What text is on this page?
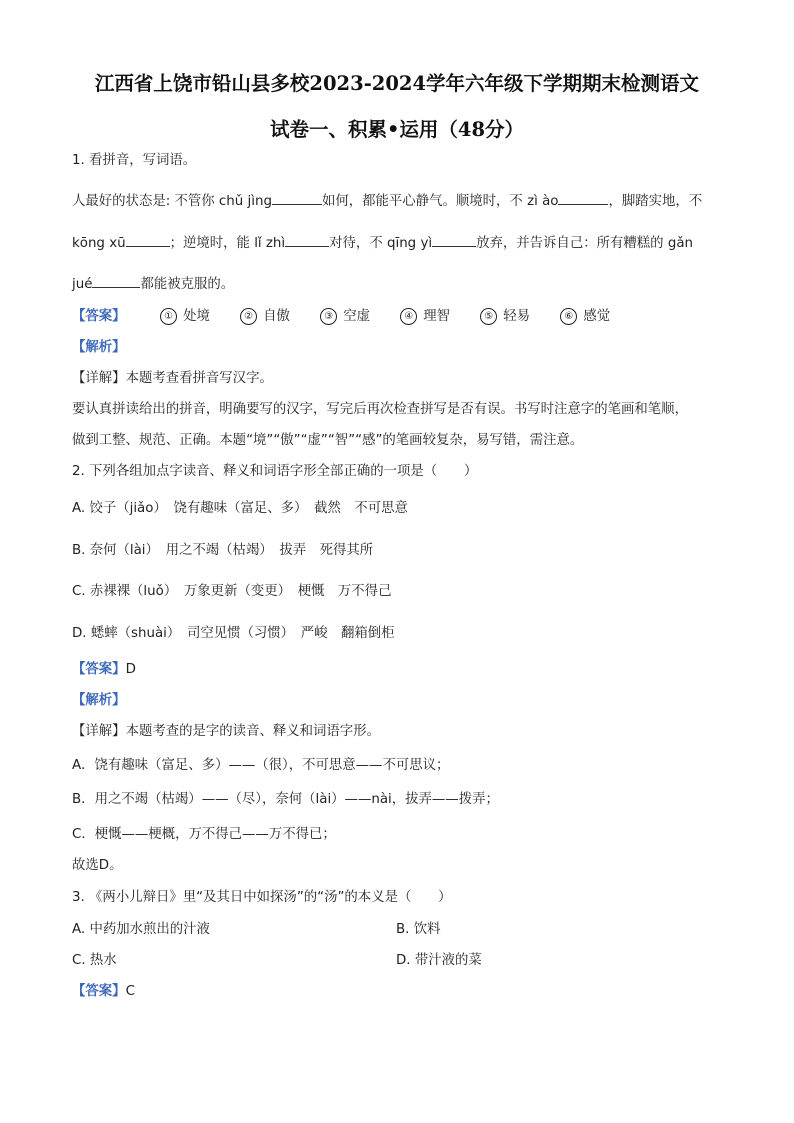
江西省上饶市铅山县多校2023-2024学年六年级下学期期末检测语文
试卷一、积累•运用（48分）
1. 看拼音，写词语。
人最好的状态是: 不管你 chǔ jìng	如何，都能平心静气。顺境时，不 zì ào	，脚踏实地，不
kōng xū	；逆境时，能 lǐ zhì	对待，不 qīng yì	放弃，并告诉自己：所有糟糕的 gǎn
jué	都能被克服的。
【答案】	① 处境	② 自傲	③ 空虚	④ 理智	⑤ 轻易	⑥ 感觉
【解析】
【详解】本题考查看拼音写汉字。
要认真拼读给出的拼音，明确要写的汉字，写完后再次检查拼写是否有误。书写时注意字的笔画和笔顺，
做到工整、规范、正确。本题“境”“傲”“虚”“智”“感”的笔画较复杂，易写错，需注意。
2. 下列各组加点字读音、释义和词语字形全部正确的一项是（　　）
A. 饺子（jiǎo）　饶有趣味（富足、多）　截然　不可思意
B. 奈何（lài）　用之不竭（枯竭）　拔弄　死得其所
C. 赤裸裸（luǒ）　万象更新（变更）　梗慨　万不得己
D. 蟋蟀（shuài）　司空见惯（习惯）　严峻　翻箱倒柜
【答案】D
【解析】
【详解】本题考查的是字的读音、释义和词语字形。
A．饶有趣味（富足、多）——（很），不可思意——不可思议；
B．用之不竭（枯竭）——（尽），奈何（lài）——nài，拔弄——拨弄；
C．梗慨——梗概，万不得己——万不得已；
故选D。
3. 《两小儿辩日》里“及其日中如探汤”的“汤”的本义是（　　）
A. 中药加水煎出的汁液	B. 饮料
C. 热水	D. 带汁液的菜
【答案】C
